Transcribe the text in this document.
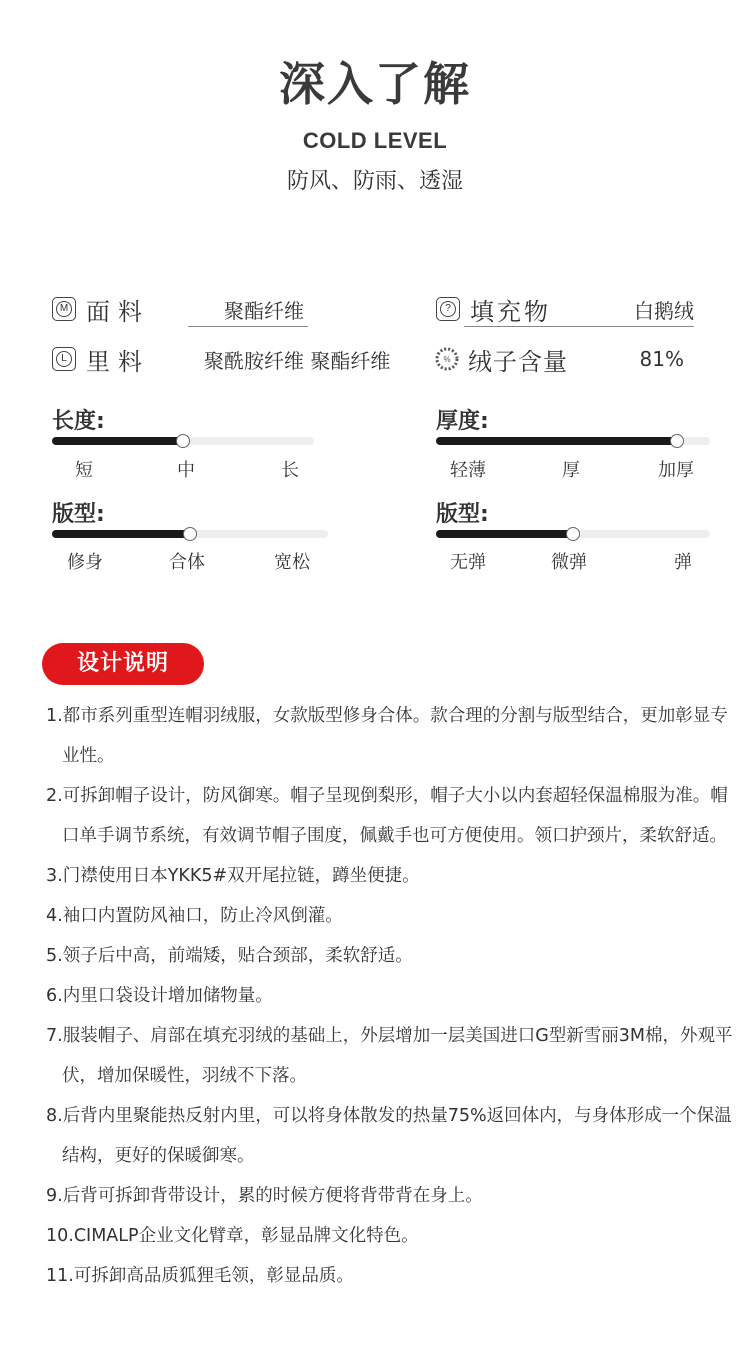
深入了解
COLD LEVEL
防风、防雨、透湿
M 面料	聚酯纤维
L 里料	聚酰胺纤维 聚酯纤维
? 填充物	白鹅绒
% 绒子含量	81%
长度:
短	中	长
厚度:
轻薄	厚	加厚
版型:
修身	合体	宽松
版型:
无弹	微弹	弹
设计说明
1.都市系列重型连帽羽绒服，女款版型修身合体。款合理的分割与版型结合，更加彰显专业性。
2.可拆卸帽子设计，防风御寒。帽子呈现倒梨形，帽子大小以内套超轻保温棉服为准。帽口单手调节系统，有效调节帽子围度，佩戴手也可方便使用。领口护颈片，柔软舒适。
3.门襟使用日本YKK5#双开尾拉链，蹲坐便捷。
4.袖口内置防风袖口，防止冷风倒灌。
5.领子后中高，前端矮，贴合颈部，柔软舒适。
6.内里口袋设计增加储物量。
7.服装帽子、肩部在填充羽绒的基础上，外层增加一层美国进口G型新雪丽3M棉，外观平伏，增加保暖性，羽绒不下落。
8.后背内里聚能热反射内里，可以将身体散发的热量75%返回体内，与身体形成一个保温结构，更好的保暖御寒。
9.后背可拆卸背带设计，累的时候方便将背带背在身上。
10.CIMALP企业文化臂章，彰显品牌文化特色。
11.可拆卸高品质狐狸毛领，彰显品质。
